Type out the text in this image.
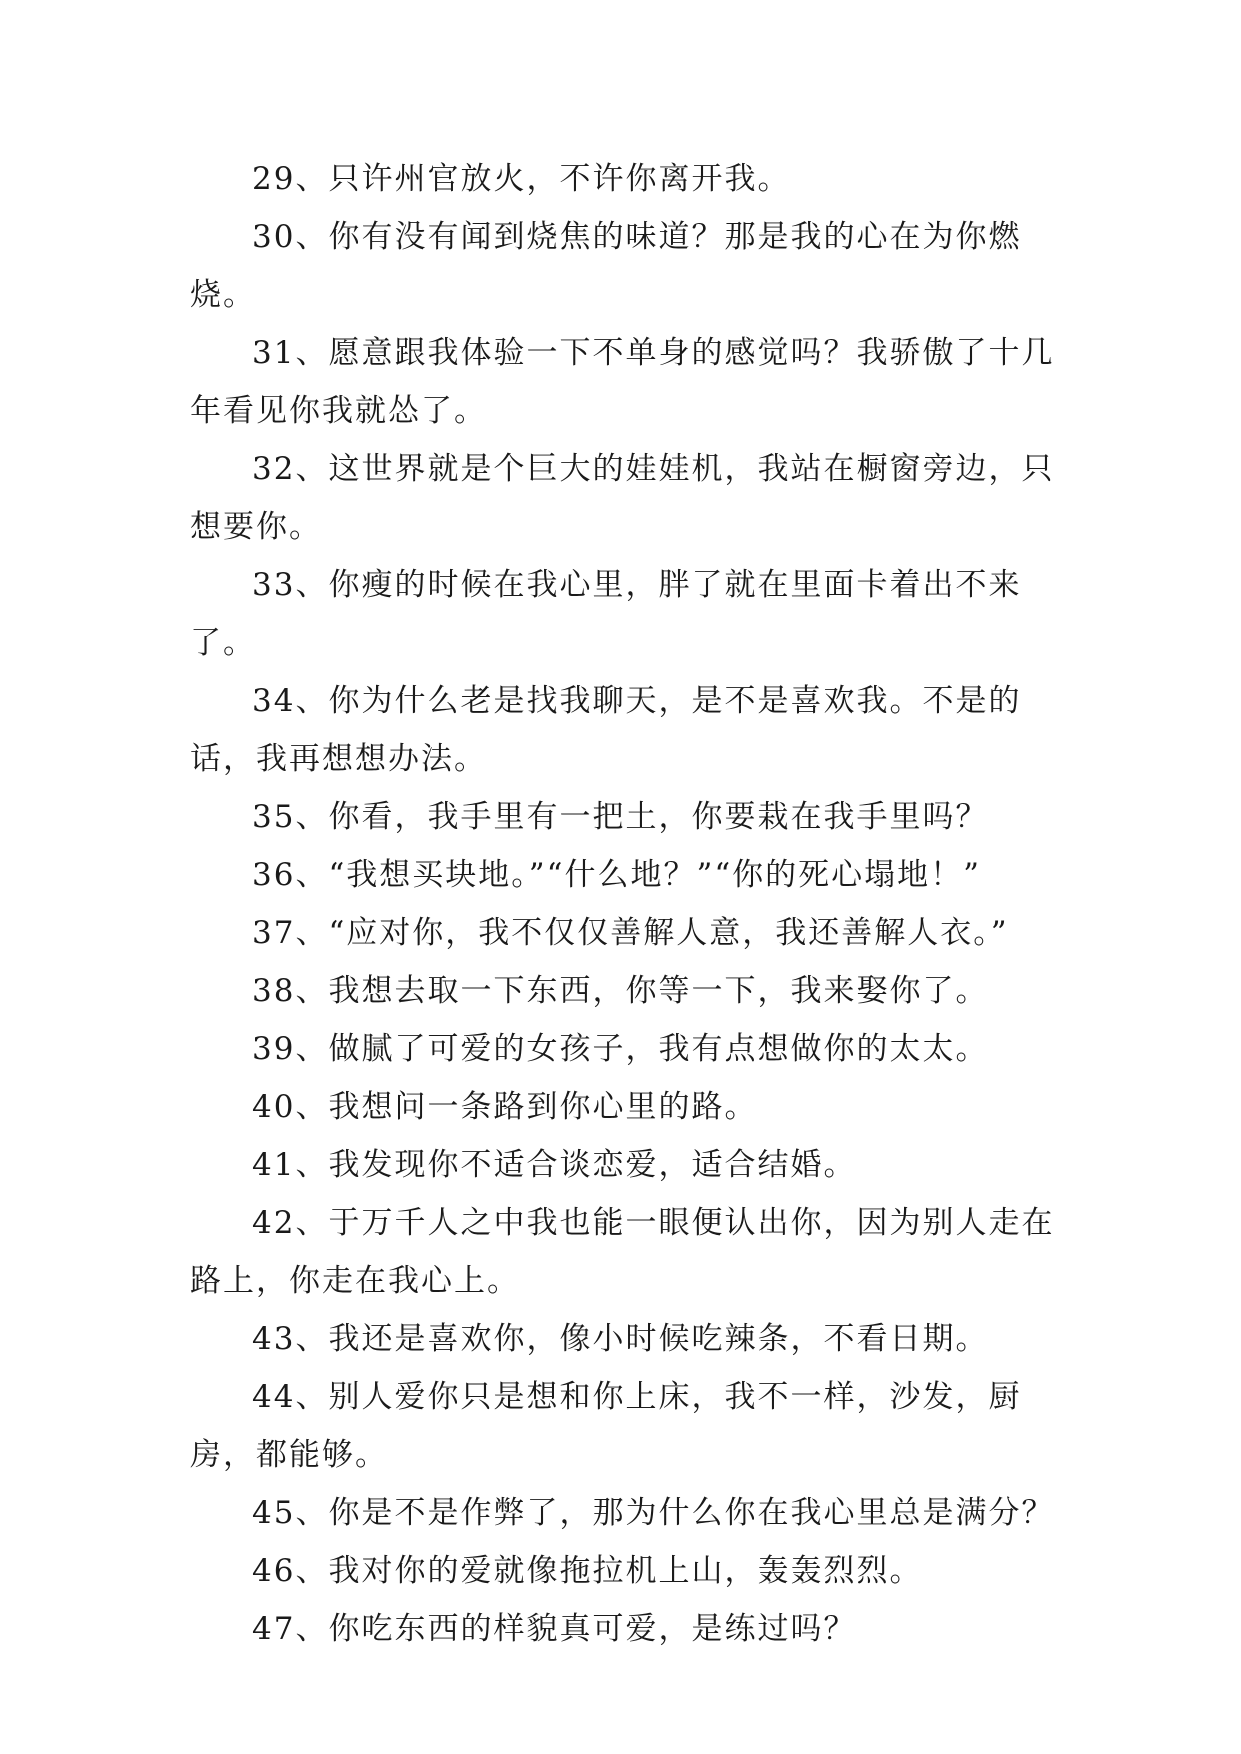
29、只许州官放火，不许你离开我。

30、你有没有闻到烧焦的味道？那是我的心在为你燃烧。

31、愿意跟我体验一下不单身的感觉吗？我骄傲了十几年看见你我就怂了。

32、这世界就是个巨大的娃娃机，我站在橱窗旁边，只想要你。

33、你瘦的时候在我心里，胖了就在里面卡着出不来了。

34、你为什么老是找我聊天，是不是喜欢我。不是的话，我再想想办法。

35、你看，我手里有一把土，你要栽在我手里吗？

36、“我想买块地。”“什么地？”“你的死心塌地！”

37、“应对你，我不仅仅善解人意，我还善解人衣。”

38、我想去取一下东西，你等一下，我来娶你了。

39、做腻了可爱的女孩子，我有点想做你的太太。

40、我想问一条路到你心里的路。

41、我发现你不适合谈恋爱，适合结婚。

42、于万千人之中我也能一眼便认出你，因为别人走在路上，你走在我心上。

43、我还是喜欢你，像小时候吃辣条，不看日期。

44、别人爱你只是想和你上床，我不一样，沙发，厨房，都能够。

45、你是不是作弊了，那为什么你在我心里总是满分？

46、我对你的爱就像拖拉机上山，轰轰烈烈。

47、你吃东西的样貌真可爱，是练过吗？
